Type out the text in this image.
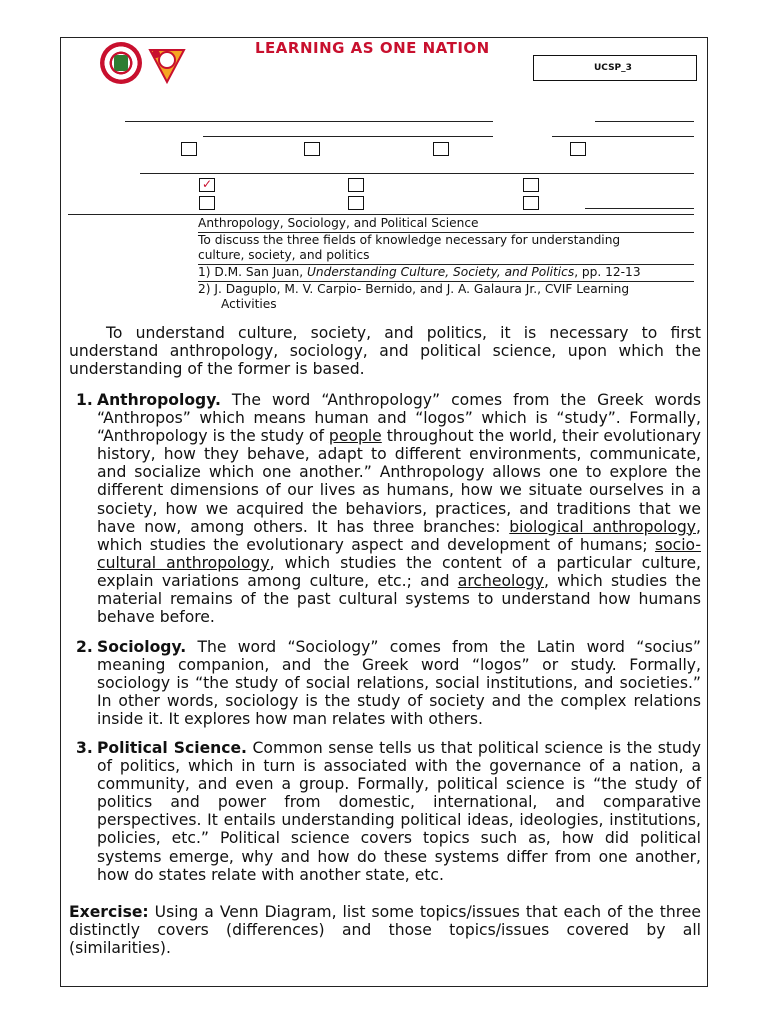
LEARNING AS ONE NATION
UCSP_3
✓
Anthropology, Sociology, and Political Science
To discuss the three fields of knowledge necessary for understanding
culture, society, and politics
1) D.M. San Juan, Understanding Culture, Society, and Politics, pp. 12-13
2) J. Daguplo, M. V. Carpio- Bernido, and J. A. Galaura Jr., CVIF Learning
Activities
To understand culture, society, and politics, it is necessary to first understand anthropology, sociology, and political science, upon which the understanding of the former is based.
1. Anthropology. The word “Anthropology” comes from the Greek words “Anthropos” which means human and “logos” which is “study”. Formally, “Anthropology is the study of people throughout the world, their evolutionary history, how they behave, adapt to different environments, communicate, and socialize which one another.” Anthropology allows one to explore the different dimensions of our lives as humans, how we situate ourselves in a society, how we acquired the behaviors, practices, and traditions that we have now, among others. It has three branches: biological anthropology, which studies the evolutionary aspect and development of humans; socio-cultural anthropology, which studies the content of a particular culture, explain variations among culture, etc.; and archeology, which studies the material remains of the past cultural systems to understand how humans behave before.
2. Sociology. The word “Sociology” comes from the Latin word “socius” meaning companion, and the Greek word “logos” or study. Formally, sociology is “the study of social relations, social institutions, and societies.” In other words, sociology is the study of society and the complex relations inside it. It explores how man relates with others.
3. Political Science. Common sense tells us that political science is the study of politics, which in turn is associated with the governance of a nation, a community, and even a group. Formally, political science is “the study of politics and power from domestic, international, and comparative perspectives. It entails understanding political ideas, ideologies, institutions, policies, etc.” Political science covers topics such as, how did political systems emerge, why and how do these systems differ from one another, how do states relate with another state, etc.
Exercise: Using a Venn Diagram, list some topics/issues that each of the three distinctly covers (differences) and those topics/issues covered by all (similarities).
